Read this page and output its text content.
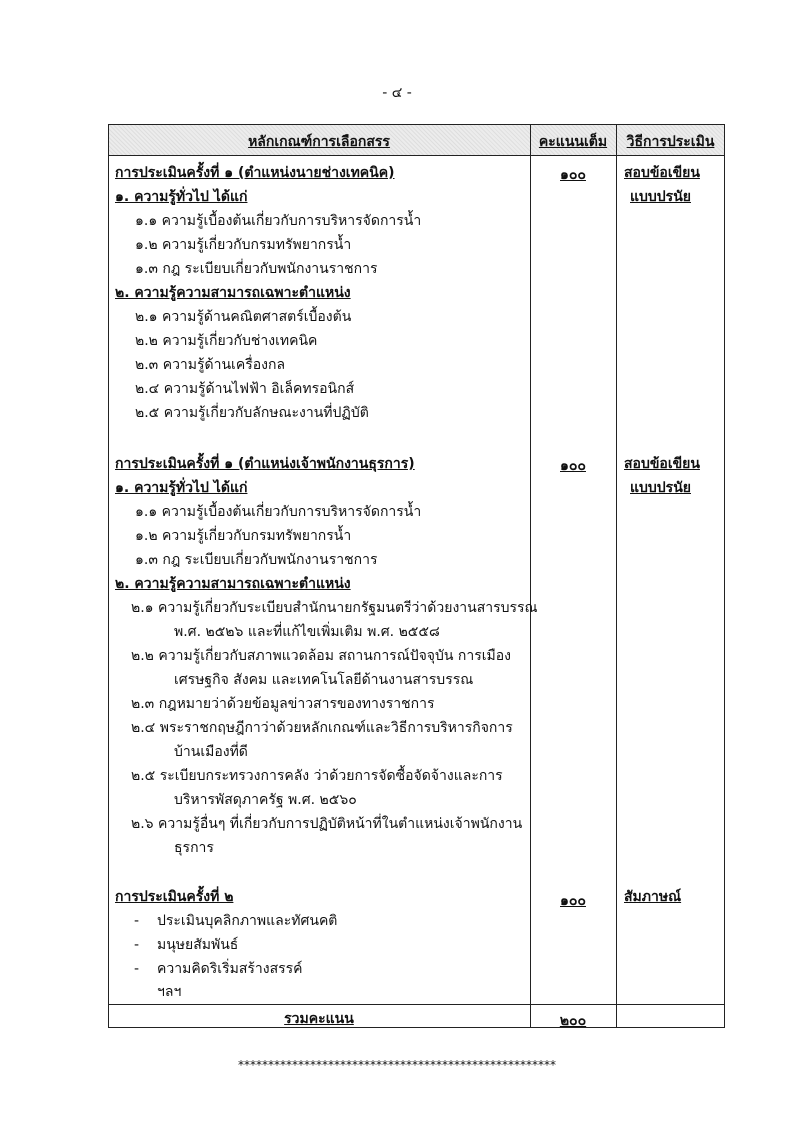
- ๔ -
หลักเกณฑ์การเลือกสรร	คะแนนเต็ม	วิธีการประเมิน
การประเมินครั้งที่ ๑ (ตำแหน่งนายช่างเทคนิค)	๑๐๐	สอบข้อเขียน
แบบปรนัย
๑. ความรู้ทั่วไป ได้แก่
๑.๑ ความรู้เบื้องต้นเกี่ยวกับการบริหารจัดการน้ำ
๑.๒ ความรู้เกี่ยวกับกรมทรัพยากรน้ำ
๑.๓ กฎ ระเบียบเกี่ยวกับพนักงานราชการ
๒. ความรู้ความสามารถเฉพาะตำแหน่ง
๒.๑ ความรู้ด้านคณิตศาสตร์เบื้องต้น
๒.๒ ความรู้เกี่ยวกับช่างเทคนิค
๒.๓ ความรู้ด้านเครื่องกล
๒.๔ ความรู้ด้านไฟฟ้า อิเล็คทรอนิกส์
๒.๕ ความรู้เกี่ยวกับลักษณะงานที่ปฏิบัติ
การประเมินครั้งที่ ๑ (ตำแหน่งเจ้าพนักงานธุรการ)	๑๐๐	สอบข้อเขียน
แบบปรนัย
๑. ความรู้ทั่วไป ได้แก่
๑.๑ ความรู้เบื้องต้นเกี่ยวกับการบริหารจัดการน้ำ
๑.๒ ความรู้เกี่ยวกับกรมทรัพยากรน้ำ
๑.๓ กฎ ระเบียบเกี่ยวกับพนักงานราชการ
๒. ความรู้ความสามารถเฉพาะตำแหน่ง
๒.๑ ความรู้เกี่ยวกับระเบียบสำนักนายกรัฐมนตรีว่าด้วยงานสารบรรณ
พ.ศ. ๒๕๒๖ และที่แก้ไขเพิ่มเติม พ.ศ. ๒๕๕๘
๒.๒ ความรู้เกี่ยวกับสภาพแวดล้อม สถานการณ์ปัจจุบัน การเมือง
เศรษฐกิจ สังคม และเทคโนโลยีด้านงานสารบรรณ
๒.๓ กฎหมายว่าด้วยข้อมูลข่าวสารของทางราชการ
๒.๔ พระราชกฤษฎีกาว่าด้วยหลักเกณฑ์และวิธีการบริหารกิจการ
บ้านเมืองที่ดี
๒.๕ ระเบียบกระทรวงการคลัง ว่าด้วยการจัดซื้อจัดจ้างและการ
บริหารพัสดุภาครัฐ พ.ศ. ๒๕๖๐
๒.๖ ความรู้อื่นๆ ที่เกี่ยวกับการปฏิบัติหน้าที่ในตำแหน่งเจ้าพนักงาน
ธุรการ
การประเมินครั้งที่ ๒	๑๐๐	สัมภาษณ์
- ประเมินบุคลิกภาพและทัศนคติ
- มนุษยสัมพันธ์
- ความคิดริเริ่มสร้างสรรค์
ฯลฯ
รวมคะแนน	๒๐๐
*****************************************************
